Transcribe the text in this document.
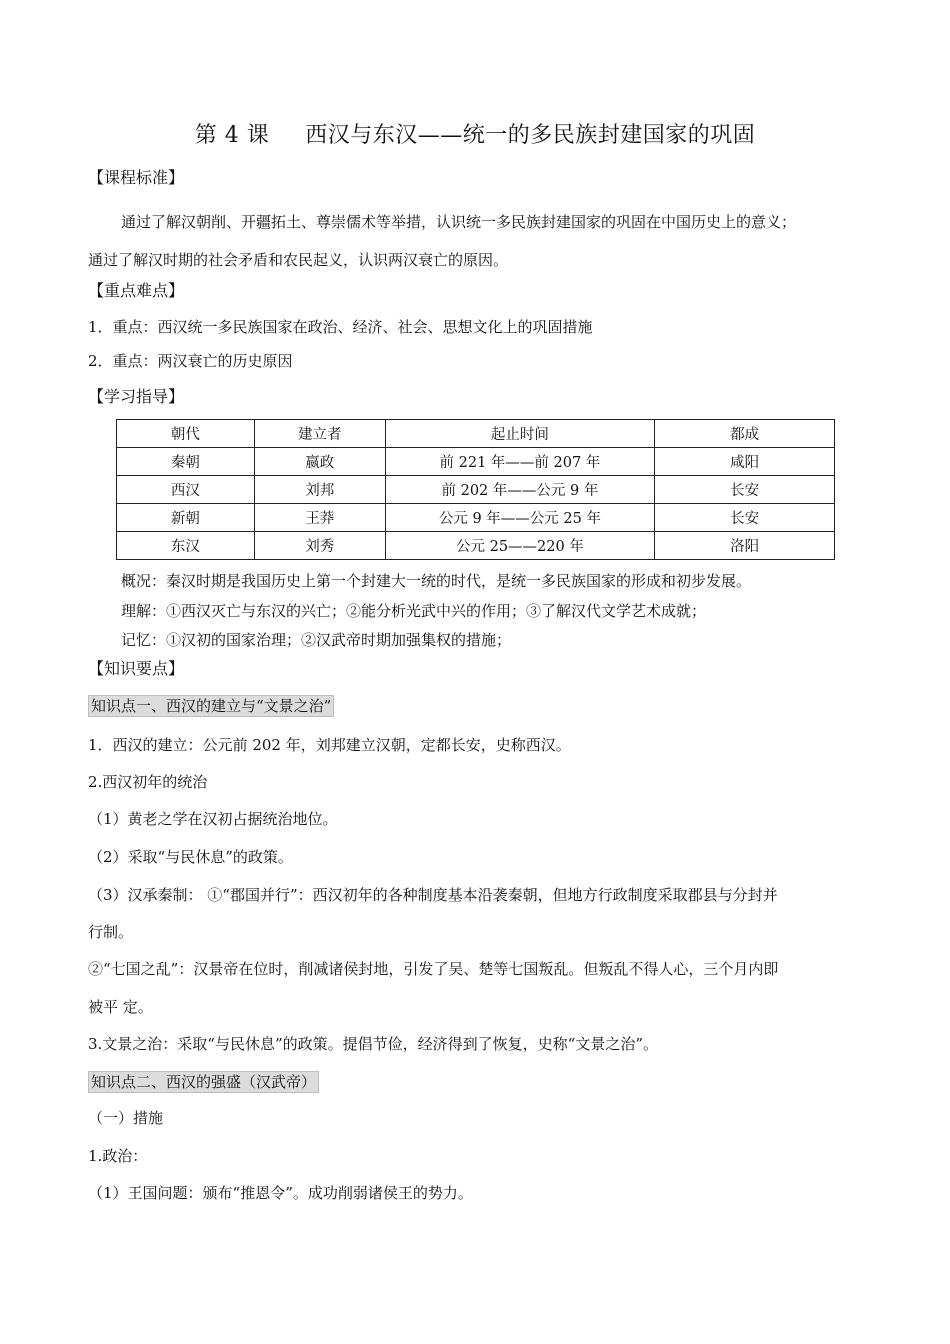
第 4 课 西汉与东汉——统一的多民族封建国家的巩固
【课程标准】
通过了解汉朝削、开疆拓土、尊崇儒术等举措，认识统一多民族封建国家的巩固在中国历史上的意义；
通过了解汉时期的社会矛盾和农民起义，认识两汉衰亡的原因。
【重点难点】
1．重点：西汉统一多民族国家在政治、经济、社会、思想文化上的巩固措施
2．重点：两汉衰亡的历史原因
【学习指导】
朝代	建立者	起止时间	都成
秦朝	嬴政	前 221 年——前 207 年	咸阳
西汉	刘邦	前 202 年——公元 9 年	长安
新朝	王莽	公元 9 年——公元 25 年	长安
东汉	刘秀	公元 25——220 年	洛阳
概况：秦汉时期是我国历史上第一个封建大一统的时代，是统一多民族国家的形成和初步发展。
理解：①西汉灭亡与东汉的兴亡；②能分析光武中兴的作用；③了解汉代文学艺术成就；
记忆：①汉初的国家治理；②汉武帝时期加强集权的措施；
【知识要点】
知识点一、西汉的建立与“文景之治”
1．西汉的建立：公元前 202 年，刘邦建立汉朝，定都长安，史称西汉。
2.西汉初年的统治
（1）黄老之学在汉初占据统治地位。
（2）采取“与民休息”的政策。
（3）汉承秦制： ①“郡国并行”：西汉初年的各种制度基本沿袭秦朝，但地方行政制度采取郡县与分封并
行制。
②“七国之乱”：汉景帝在位时，削减诸侯封地，引发了吴、楚等七国叛乱。但叛乱不得人心，三个月内即
被平 定。
3.文景之治：采取“与民休息”的政策。提倡节俭，经济得到了恢复，史称“文景之治”。
知识点二、西汉的强盛（汉武帝）
（一）措施
1.政治：
（1）王国问题：颁布“推恩令”。成功削弱诸侯王的势力。
